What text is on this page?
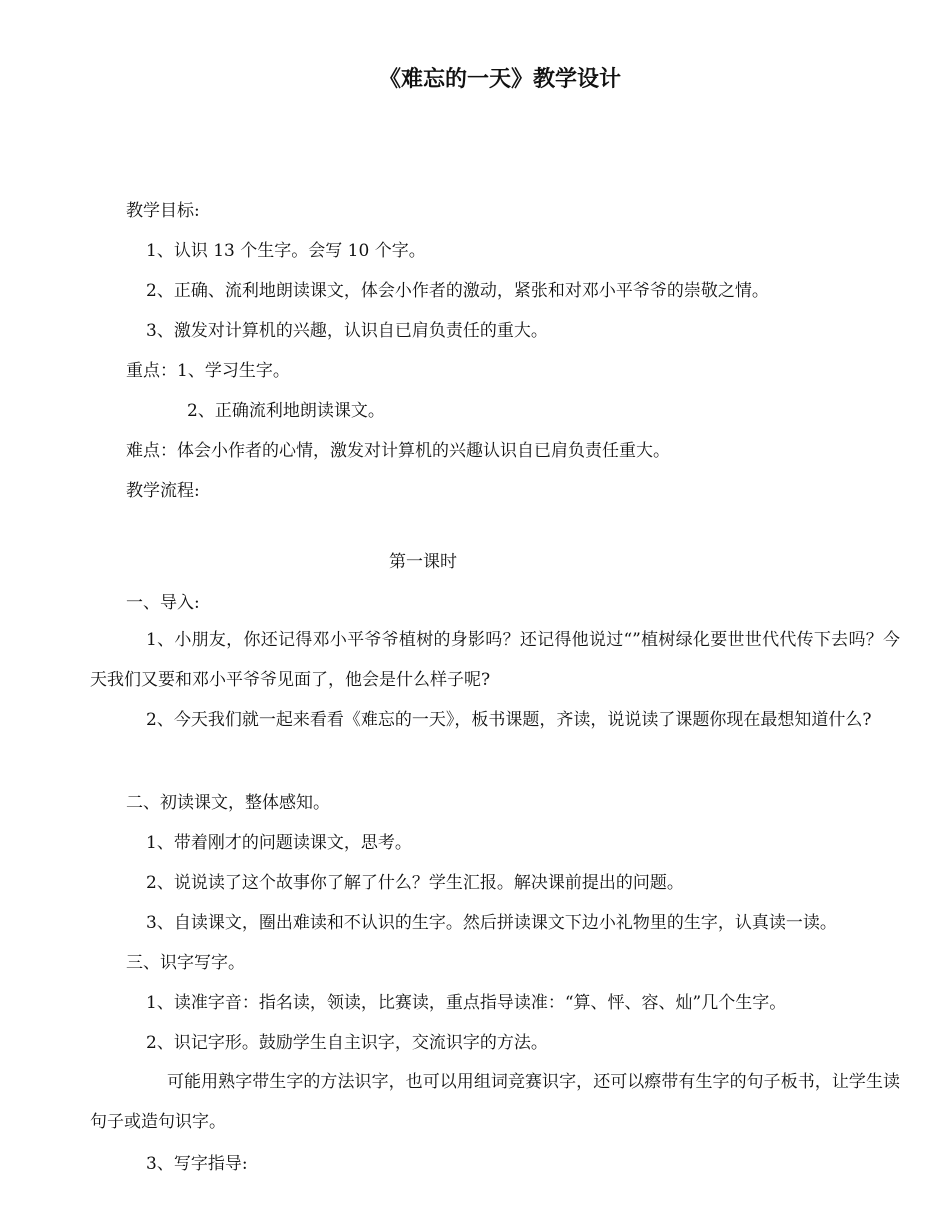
《难忘的一天》教学设计
教学目标:
1、认识 13 个生字。会写 10 个字。
2、正确、流利地朗读课文，体会小作者的激动，紧张和对邓小平爷爷的崇敬之情。
3、激发对计算机的兴趣，认识自已肩负责任的重大。
重点：1、学习生字。
2、正确流利地朗读课文。
难点：体会小作者的心情，激发对计算机的兴趣认识自已肩负责任重大。
教学流程:
第一课时
一、导入:
1、小朋友，你还记得邓小平爷爷植树的身影吗？还记得他说过“”植树绿化要世世代代传下去吗？今天我们又要和邓小平爷爷见面了，他会是什么样子呢?
2、今天我们就一起来看看《难忘的一天》，板书课题，齐读，说说读了课题你现在最想知道什么?
二、初读课文，整体感知。
1、带着刚才的问题读课文，思考。
2、说说读了这个故事你了解了什么？学生汇报。解决课前提出的问题。
3、自读课文，圈出难读和不认识的生字。然后拼读课文下边小礼物里的生字，认真读一读。
三、识字写字。
1、读准字音：指名读，领读，比赛读，重点指导读准：“算、怦、容、灿”几个生字。
2、识记字形。鼓励学生自主识字，交流识字的方法。
可能用熟字带生字的方法识字，也可以用组词竞赛识字，还可以瘵带有生字的句子板书，让学生读句子或造句识字。
3、写字指导:
